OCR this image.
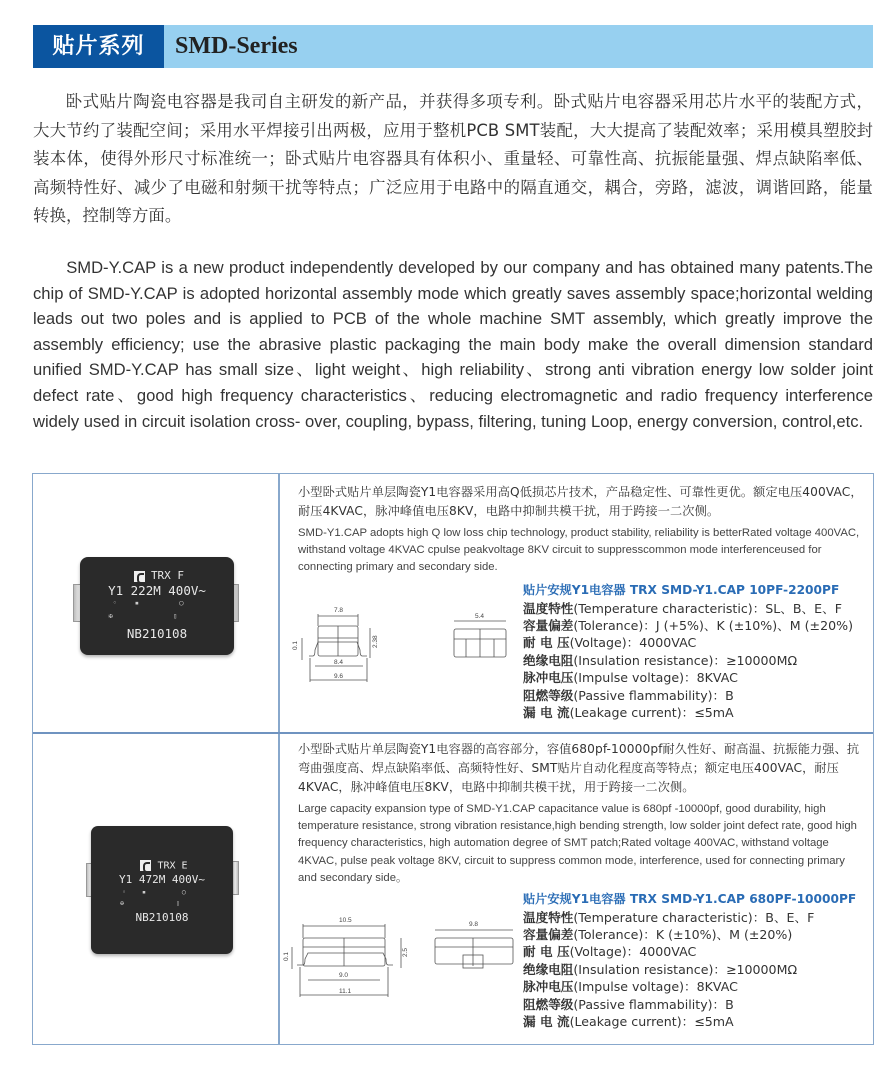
贴片系列	SMD-Series

卧式贴片陶瓷电容器是我司自主研发的新产品，并获得多项专利。卧式贴片电容器采用芯片水平的装配方式，大大节约了装配空间；采用水平焊接引出两极，应用于整机PCB SMT装配，大大提高了装配效率；采用模具塑胶封装本体，使得外形尺寸标准统一；卧式贴片电容器具有体积小、重量轻、可靠性高、抗振能量强、焊点缺陷率低、高频特性好、减少了电磁和射频干扰等特点；广泛应用于电路中的隔直通交，耦合，旁路，滤波，调谐回路，能量转换，控制等方面。

SMD-Y.CAP is a new product independently developed by our company and has obtained many patents.The chip of SMD-Y.CAP is adopted horizontal assembly mode which greatly saves assembly space;horizontal welding leads out two poles and is applied to PCB of the whole machine SMT assembly, which greatly improve the assembly efficiency; use the abrasive plastic packaging the main body make the overall dimension standard unified SMD-Y.CAP has small size、light weight、high reliability、strong anti vibration energy low solder joint defect rate、good high frequency characteristics、reducing electromagnetic and radio frequency interference widely used in circuit isolation cross- over, coupling, bypass, filtering, tuning Loop, energy conversion, control,etc.

TRX F
Y1 222M 400V~
◦▪ ◯
✠ ▯
NB210108
小型卧式贴片单层陶瓷Y1电容器采用高Q低损芯片技术，产品稳定性、可靠性更优。额定电压400VAC，耐压4KVAC，脉冲峰值电压8KV，电路中抑制共模干扰，用于跨接一二次侧。
SMD-Y1.CAP adopts high Q low loss chip technology, product stability, reliability is betterRated voltage 400VAC, withstand voltage 4KVAC cpulse peakvoltage 8KV circuit to suppresscommon mode interferenceused for connecting primary and secondary side.
7.8
0.1	2.38
8.4
9.6
5.4
贴片安规Y1电容器 TRX SMD-Y1.CAP 10PF-2200PF
温度特性(Temperature characteristic)：SL、B、E、F
容量偏差(Tolerance)：J (+5%)、K (±10%)、M (±20%)
耐 电 压(Voltage)：4000VAC
绝缘电阻(Insulation resistance)：≥10000MΩ
脉冲电压(Impulse voltage)：8KVAC
阻燃等级(Passive flammability)：B
漏 电 流(Leakage current)：≤5mA
TRX E
Y1 472M 400V~
◦▪ ◯
✠ ▯
NB210108
小型卧式贴片单层陶瓷Y1电容器的高容部分，容值680pf-10000pf耐久性好、耐高温、抗振能力强、抗弯曲强度高、焊点缺陷率低、高频特性好、SMT贴片自动化程度高等特点；额定电压400VAC，耐压4KVAC，脉冲峰值电压8KV，电路中抑制共模干扰，用于跨接一二次侧。
Large capacity expansion type of SMD-Y1.CAP capacitance value is 680pf -10000pf, good durability, high temperature resistance, strong vibration resistance,high bending strength, low solder joint defect rate, good high frequency characteristics, high automation degree of SMT patch;Rated voltage 400VAC, withstand voltage 4KVAC, pulse peak voltage 8KV, circuit to suppress common mode, interference, used for connecting primary and secondary side。
10.5
0.1	2.5
9.0
11.1
9.8
贴片安规Y1电容器 TRX SMD-Y1.CAP 680PF-10000PF
温度特性(Temperature characteristic)：B、E、F
容量偏差(Tolerance)：K (±10%)、M (±20%)
耐 电 压(Voltage)：4000VAC
绝缘电阻(Insulation resistance)：≥10000MΩ
脉冲电压(Impulse voltage)：8KVAC
阻燃等级(Passive flammability)：B
漏 电 流(Leakage current)：≤5mA
